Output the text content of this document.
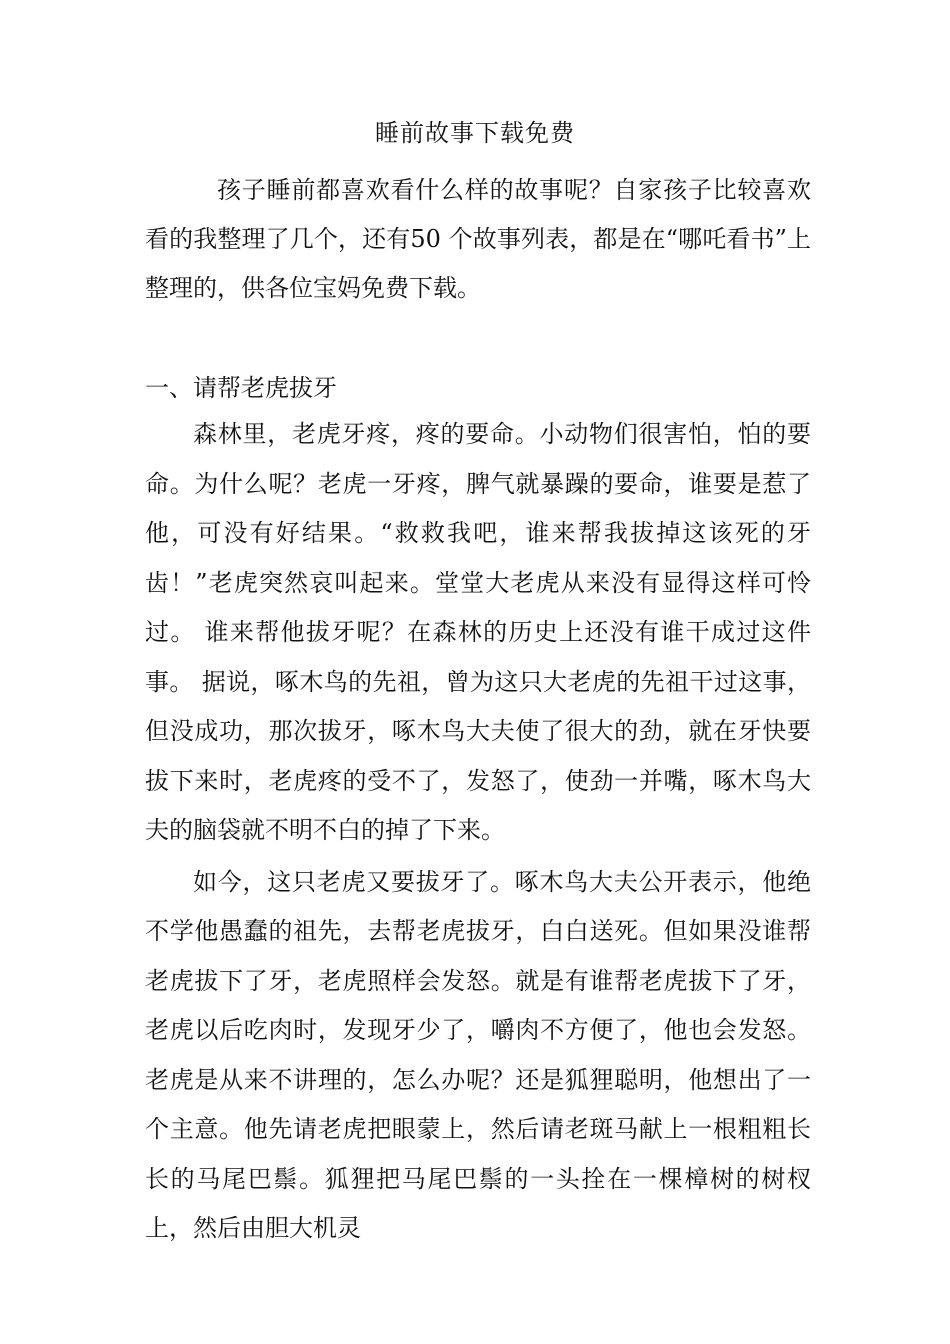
睡前故事下载免费

孩子睡前都喜欢看什么样的故事呢？自家孩子比较喜欢看的我整理了几个，还有50 个故事列表，都是在“哪吒看书”上整理的，供各位宝妈免费下载。

一、请帮老虎拔牙

森林里，老虎牙疼，疼的要命。小动物们很害怕，怕的要命。为什么呢？老虎一牙疼，脾气就暴躁的要命，谁要是惹了他，可没有好结果。“救救我吧，谁来帮我拔掉这该死的牙齿！”老虎突然哀叫起来。堂堂大老虎从来没有显得这样可怜过。 谁来帮他拔牙呢？在森林的历史上还没有谁干成过这件事。 据说，啄木鸟的先祖，曾为这只大老虎的先祖干过这事，但没成功，那次拔牙，啄木鸟大夫使了很大的劲，就在牙快要拔下来时，老虎疼的受不了，发怒了，使劲一并嘴，啄木鸟大夫的脑袋就不明不白的掉了下来。

如今，这只老虎又要拔牙了。啄木鸟大夫公开表示，他绝不学他愚蠢的祖先，去帮老虎拔牙，白白送死。但如果没谁帮老虎拔下了牙，老虎照样会发怒。就是有谁帮老虎拔下了牙，老虎以后吃肉时，发现牙少了，嚼肉不方便了，他也会发怒。老虎是从来不讲理的，怎么办呢？还是狐狸聪明，他想出了一个主意。他先请老虎把眼蒙上，然后请老斑马献上一根粗粗长长的马尾巴鬃。狐狸把马尾巴鬃的一头拴在一棵樟树的树杈上，然后由胆大机灵
